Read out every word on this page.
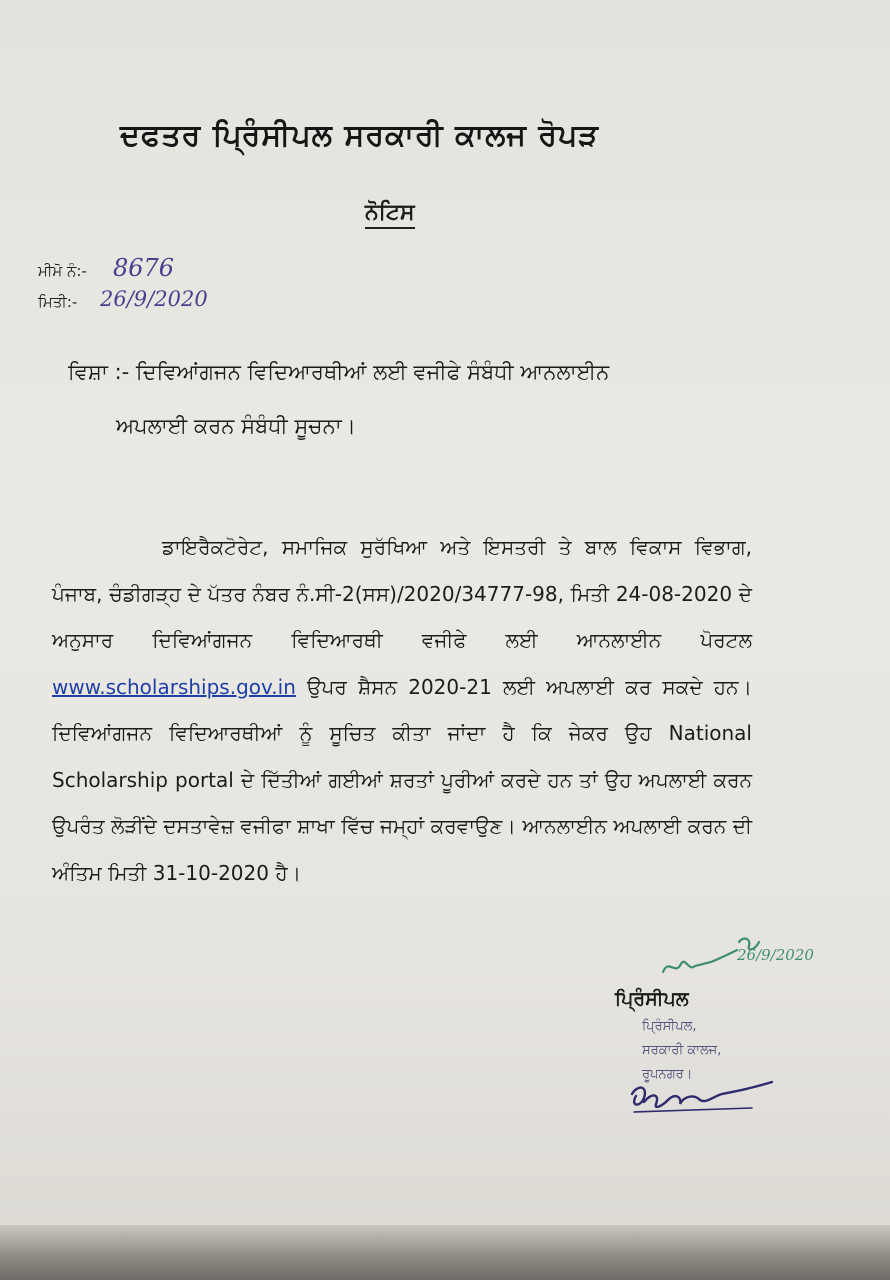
ਦਫਤਰ ਪ੍ਰਿੰਸੀਪਲ ਸਰਕਾਰੀ ਕਾਲਜ ਰੋਪੜ
ਨੋਟਿਸ
ਮੀਮੋ ਨੰ:- 8676
ਮਿਤੀ:- 26/9/2020
ਵਿਸ਼ਾ :- ਦਿਵਿਆਂਗਜਨ ਵਿਦਿਆਰਥੀਆਂ ਲਈ ਵਜੀਫੇ ਸੰਬੰਧੀ ਆਨਲਾਈਨ
ਅਪਲਾਈ ਕਰਨ ਸੰਬੰਧੀ ਸੂਚਨਾ।
ਡਾਇਰੈਕਟੋਰੇਟ, ਸਮਾਜਿਕ ਸੁਰੱਖਿਆ ਅਤੇ ਇਸਤਰੀ ਤੇ ਬਾਲ ਵਿਕਾਸ ਵਿਭਾਗ, ਪੰਜਾਬ, ਚੰਡੀਗੜ੍ਹ ਦੇ ਪੱਤਰ ਨੰਬਰ ਨੰ.ਸੀ-2(ਸਸ)/2020/34777-98, ਮਿਤੀ 24-08-2020 ਦੇ ਅਨੁਸਾਰ ਦਿਵਿਆਂਗਜਨ ਵਿਦਿਆਰਥੀ ਵਜੀਫੇ ਲਈ ਆਨਲਾਈਨ ਪੋਰਟਲ www.scholarships.gov.in ਉਪਰ ਸ਼ੈਸਨ 2020-21 ਲਈ ਅਪਲਾਈ ਕਰ ਸਕਦੇ ਹਨ। ਦਿਵਿਆਂਗਜਨ ਵਿਦਿਆਰਥੀਆਂ ਨੂੰ ਸੂਚਿਤ ਕੀਤਾ ਜਾਂਦਾ ਹੈ ਕਿ ਜੇਕਰ ਉਹ National Scholarship portal ਦੇ ਦਿੱਤੀਆਂ ਗਈਆਂ ਸ਼ਰਤਾਂ ਪੂਰੀਆਂ ਕਰਦੇ ਹਨ ਤਾਂ ਉਹ ਅਪਲਾਈ ਕਰਨ ਉਪਰੰਤ ਲੋੜੀਂਦੇ ਦਸਤਾਵੇਜ਼ ਵਜੀਫਾ ਸ਼ਾਖਾ ਵਿੱਚ ਜਮ੍ਹਾਂ ਕਰਵਾਉਣ। ਆਨਲਾਈਨ ਅਪਲਾਈ ਕਰਨ ਦੀ ਅੰਤਿਮ ਮਿਤੀ 31-10-2020 ਹੈ।
26/9/2020
ਪ੍ਰਿੰਸੀਪਲ
ਪ੍ਰਿੰਸੀਪਲ,
ਸਰਕਾਰੀ ਕਾਲਜ,
ਰੂਪਨਗਰ।
